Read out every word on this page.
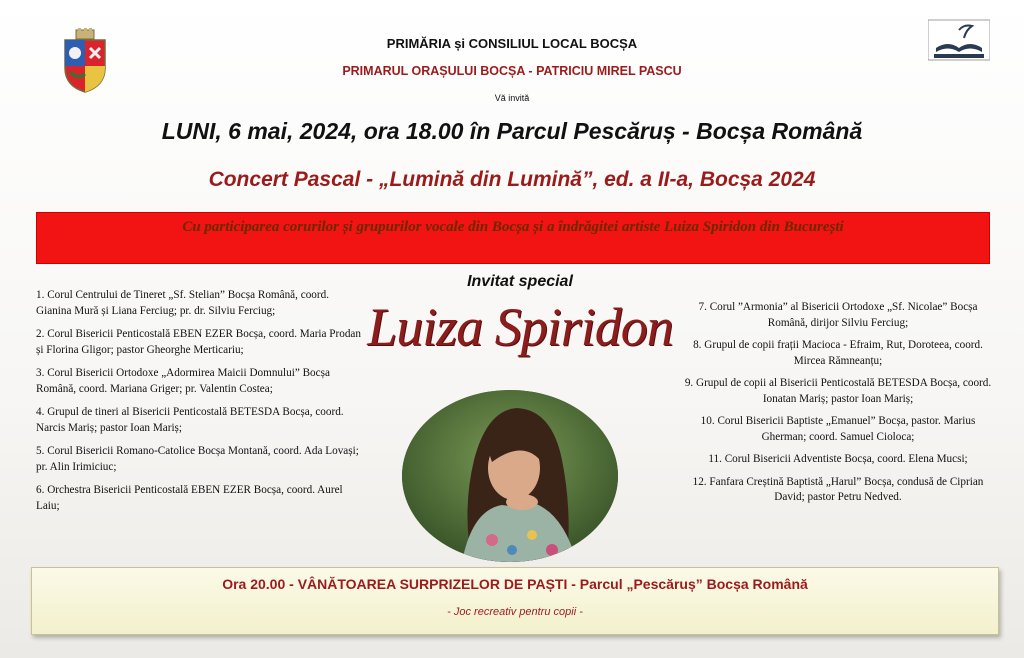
PRIMĂRIA și CONSILIUL LOCAL BOCȘA
PRIMARUL ORAȘULUI BOCȘA - PATRICIU MIREL PASCU
Vă invită
LUNI, 6 mai, 2024, ora 18.00 în Parcul Pescăruș - Bocșa Română
Concert Pascal - „Lumină din Lumină”, ed. a II-a, Bocșa 2024
Cu participarea corurilor și grupurilor vocale din Bocșa și a îndrăgitei artiste Luiza Spiridon din București
Invitat special
Luiza Spiridon

1. Corul Centrului de Tineret „Sf. Stelian” Bocșa Română, coord. Gianina Mură și Liana Ferciug; pr. dr. Silviu Ferciug;

2. Corul Bisericii Penticostală EBEN EZER Bocșa, coord. Maria Prodan și Florina Gligor; pastor Gheorghe Merticariu;

3. Corul Bisericii Ortodoxe „Adormirea Maicii Domnului” Bocșa Română, coord. Mariana Griger; pr. Valentin Costea;

4. Grupul de tineri al Bisericii Penticostală BETESDA Bocșa, coord. Narcis Mariș; pastor Ioan Mariș;

5. Corul Bisericii Romano-Catolice Bocșa Montană, coord. Ada Lovași; pr. Alin Irimiciuc;

6. Orchestra Bisericii Penticostală EBEN EZER Bocșa, coord. Aurel Laiu;

7. Corul ”Armonia” al Bisericii Ortodoxe „Sf. Nicolae” Bocșa Română, dirijor Silviu Ferciug;

8. Grupul de copii frații Macioca - Efraim, Rut, Doroteea, coord. Mircea Rămneanțu;

9. Grupul de copii al Bisericii Penticostală BETESDA Bocșa, coord. Ionatan Mariș; pastor Ioan Mariș;

10. Corul Bisericii Baptiste „Emanuel” Bocșa, pastor. Marius Gherman; coord. Samuel Cioloca;

11. Corul Bisericii Adventiste Bocșa, coord. Elena Mucsi;

12. Fanfara Creștină Baptistă „Harul” Bocșa, condusă de Ciprian David; pastor Petru Nedved.

Ora 20.00 - VÂNĂTOAREA SURPRIZELOR DE PAȘTI - Parcul „Pescăruș” Bocșa Română
- Joc recreativ pentru copii -
